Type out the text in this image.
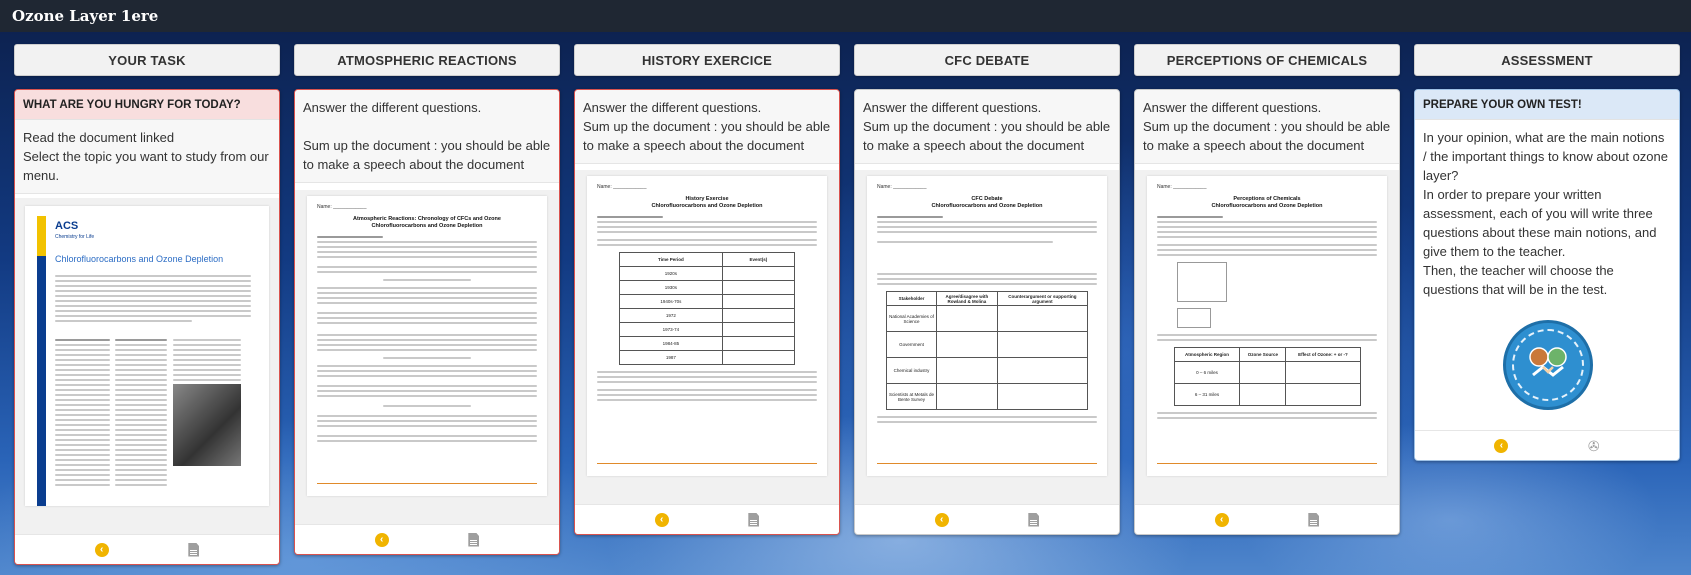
Ozone Layer 1ere
YOUR TASK
WHAT ARE YOU HUNGRY FOR TODAY?
Read the document linked
Select the topic you want to study from our menu.
ACS
Chemistry for Life
Chlorofluorocarbons and Ozone Depletion
‹
ATMOSPHERIC REACTIONS
Answer the different questions.

Sum up the document : you should be able to make a speech about the document
Name: ____________
Atmospheric Reactions: Chronology of CFCs and Ozone
Chlorofluorocarbons and Ozone Depletion
‹
HISTORY EXERCICE
Answer the different questions.
Sum up the document : you should be able to make a speech about the document
Name: ____________
History Exercise
Chlorofluorocarbons and Ozone Depletion
Time Period	Event(s)
1920s	
1930s	
1940s-70s	
1972	
1973-74	
1984-85	
1987	
‹
CFC DEBATE
Answer the different questions.
Sum up the document : you should be able to make a speech about the document
Name: ____________
CFC Debate
Chlorofluorocarbons and Ozone Depletion
Stakeholder	Agree/disagree with Rowland & Molina	Counterargument or supporting argument
National Academies of Science		
Government		
Chemical industry		
Scientists at Metals de Bente Survey		
‹
PERCEPTIONS OF CHEMICALS
Answer the different questions.
Sum up the document : you should be able to make a speech about the document
Name: ____________
Perceptions of Chemicals
Chlorofluorocarbons and Ozone Depletion
Atmospheric Region	Ozone Source	Effect of Ozone: + or -?
0 – 6 miles		
6 – 31 miles		
‹
ASSESSMENT
PREPARE YOUR OWN TEST!
In your opinion, what are the main notions / the important things to know about ozone layer?
In order to prepare your written assessment, each of you will write three questions about these main notions, and give them to the teacher.
Then, the teacher will choose the questions that will be in the test.
‹	✇
